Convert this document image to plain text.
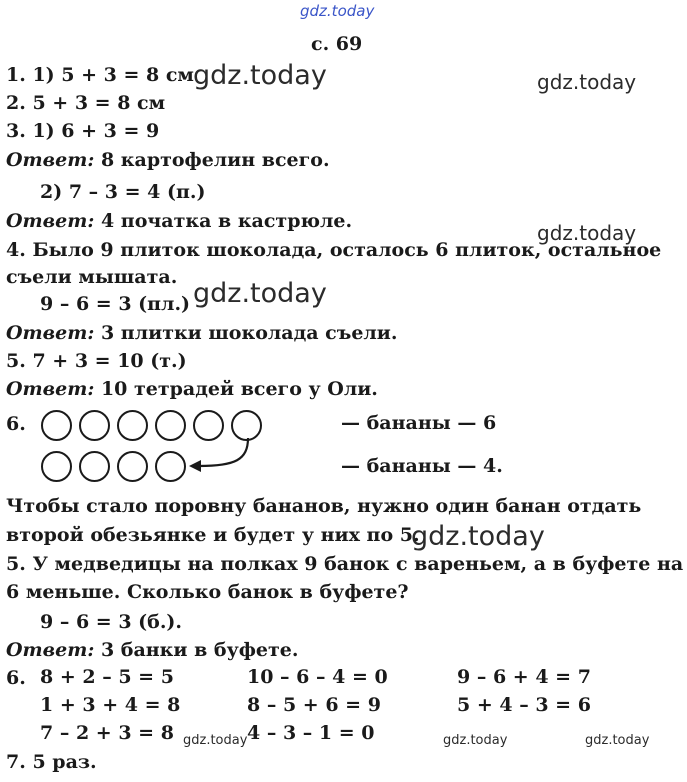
gdz.today
gdz.today	gdz.today
gdz.today
gdz.today
gdz.today
gdz.today	gdz.today	gdz.today
с. 69
1. 1) 5 + 3 = 8 см
2. 5 + 3 = 8 см
3. 1) 6 + 3 = 9
Ответ: 8 картофелин всего.
2) 7 – 3 = 4 (п.)
Ответ: 4 початка в кастрюле.
4. Было 9 плиток шоколада, осталось 6 плиток, остальное
съели мышата.
9 – 6 = 3 (пл.)
Ответ: 3 плитки шоколада съели.
5. 7 + 3 = 10 (т.)
Ответ: 10 тетрадей всего у Оли.
6.	— бананы — 6
— бананы — 4.
Чтобы стало поровну бананов, нужно один банан отдать
второй обезьянке и будет у них по 5.
5. У медведицы на полках 9 банок с вареньем, а в буфете на
6 меньше. Сколько банок в буфете?
9 – 6 = 3 (б.).
Ответ: 3 банки в буфете.
6. 8 + 2 – 5 = 5	10 – 6 – 4 = 0	9 – 6 + 4 = 7
1 + 3 + 4 = 8	8 – 5 + 6 = 9	5 + 4 – 3 = 6
7 – 2 + 3 = 8	4 – 3 – 1 = 0
7. 5 раз.
